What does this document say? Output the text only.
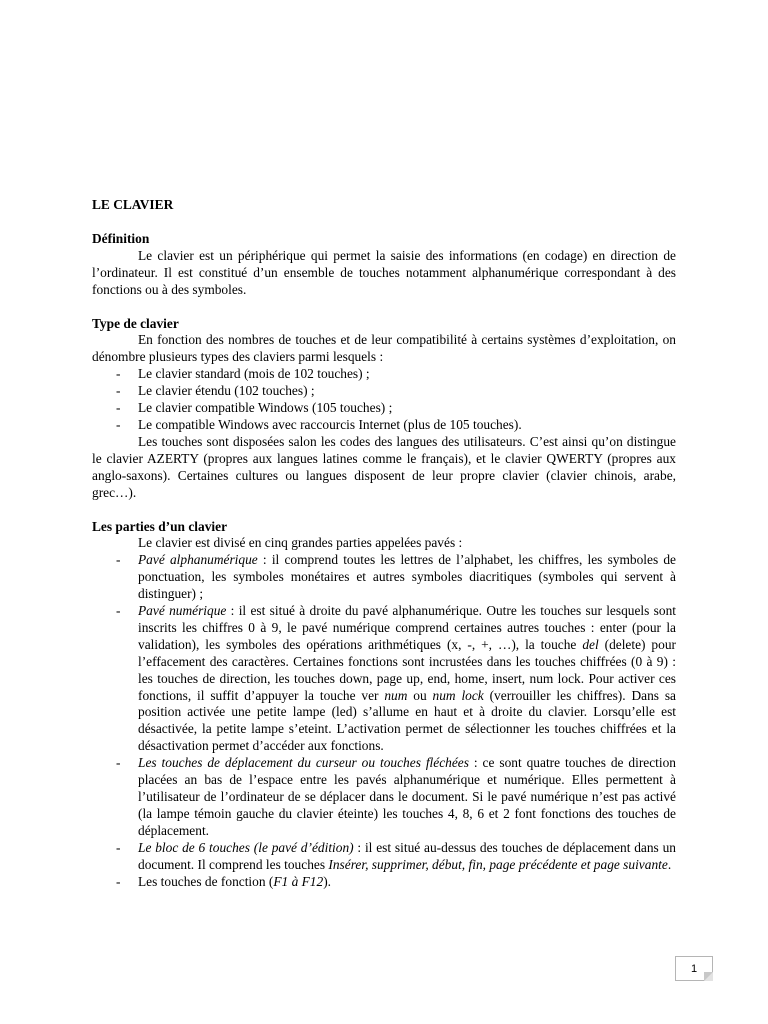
LE CLAVIER

Définition

Le clavier est un périphérique qui permet la saisie des informations (en codage) en direction de l’ordinateur. Il est constitué d’un ensemble de touches notamment alphanumérique correspondant à des fonctions ou à des symboles.

Type de clavier

En fonction des nombres de touches et de leur compatibilité à certains systèmes d’exploitation, on dénombre plusieurs types des claviers parmi lesquels :

- Le clavier standard (mois de 102 touches) ;
- Le clavier étendu (102 touches) ;
- Le clavier compatible Windows (105 touches) ;
- Le compatible Windows avec raccourcis Internet (plus de 105 touches).

Les touches sont disposées salon les codes des langues des utilisateurs. C’est ainsi qu’on distingue le clavier AZERTY (propres aux langues latines comme le français), et le clavier QWERTY (propres aux anglo-saxons). Certaines cultures ou langues disposent de leur propre clavier (clavier chinois, arabe, grec…).

Les parties d’un clavier

Le clavier est divisé en cinq grandes parties appelées pavés :

- Pavé alphanumérique : il comprend toutes les lettres de l’alphabet, les chiffres, les symboles de ponctuation, les symboles monétaires et autres symboles diacritiques (symboles qui servent à distinguer) ;
- Pavé numérique : il est situé à droite du pavé alphanumérique. Outre les touches sur lesquels sont inscrits les chiffres 0 à 9, le pavé numérique comprend certaines autres touches : enter (pour la validation), les symboles des opérations arithmétiques (x, -, +, …), la touche del (delete) pour l’effacement des caractères. Certaines fonctions sont incrustées dans les touches chiffrées (0 à 9) : les touches de direction, les touches down, page up, end, home, insert, num lock. Pour activer ces fonctions, il suffit d’appuyer la touche ver num ou num lock (verrouiller les chiffres). Dans sa position activée une petite lampe (led) s’allume en haut et à droite du clavier. Lorsqu’elle est désactivée, la petite lampe s’eteint. L’activation permet de sélectionner les touches chiffrées et la désactivation permet d’accéder aux fonctions.
- Les touches de déplacement du curseur ou touches fléchées : ce sont quatre touches de direction placées an bas de l’espace entre les pavés alphanumérique et numérique. Elles permettent à l’utilisateur de l’ordinateur de se déplacer dans le document. Si le pavé numérique n’est pas activé (la lampe témoin gauche du clavier éteinte) les touches 4, 8, 6 et 2 font fonctions des touches de déplacement.
- Le bloc de 6 touches (le pavé d’édition) : il est situé au-dessus des touches de déplacement dans un document. Il comprend les touches Insérer, supprimer, début, fin, page précédente et page suivante.
- Les touches de fonction (F1 à F12).
1
